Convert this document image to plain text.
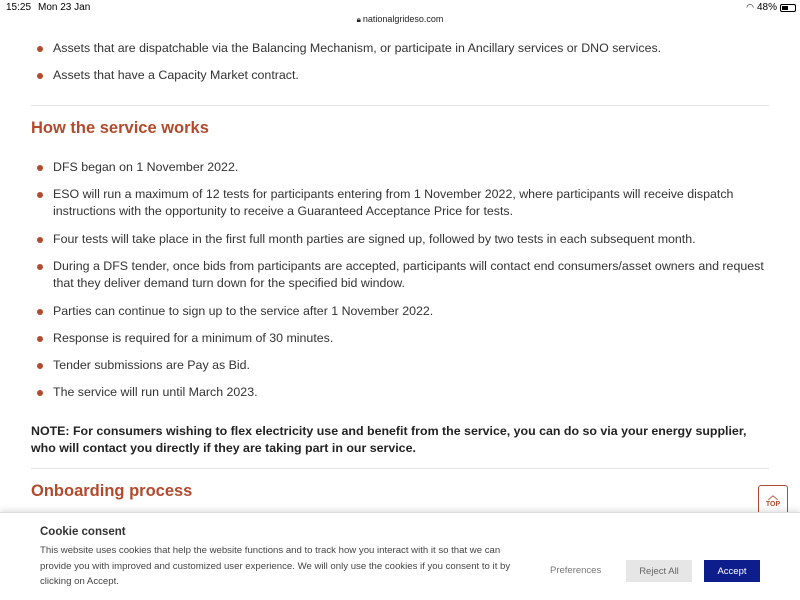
15:25 Mon 23 Jan	◠ 48%
🔒︎ nationalgrideso.com
Assets that are dispatchable via the Balancing Mechanism, or participate in Ancillary services or DNO services.
Assets that have a Capacity Market contract.
How the service works
DFS began on 1 November 2022.
ESO will run a maximum of 12 tests for participants entering from 1 November 2022, where participants will receive dispatch instructions with the opportunity to receive a Guaranteed Acceptance Price for tests.
Four tests will take place in the first full month parties are signed up, followed by two tests in each subsequent month.
During a DFS tender, once bids from participants are accepted, participants will contact end consumers/asset owners and request that they deliver demand turn down for the specified bid window.
Parties can continue to sign up to the service after 1 November 2022.
Response is required for a minimum of 30 minutes.
Tender submissions are Pay as Bid.
The service will run until March 2023.

NOTE: For consumers wishing to flex electricity use and benefit from the service, you can do so via your energy supplier, who will contact you directly if they are taking part in our service.

Onboarding process	︿
TOP
Cookie consent

This website uses cookies that help the website functions and to track how you interact with it so that we can provide you with improved and customized user experience. We will only use the cookies if you consent to it by clicking on Accept.

Preferences	Reject All	Accept
